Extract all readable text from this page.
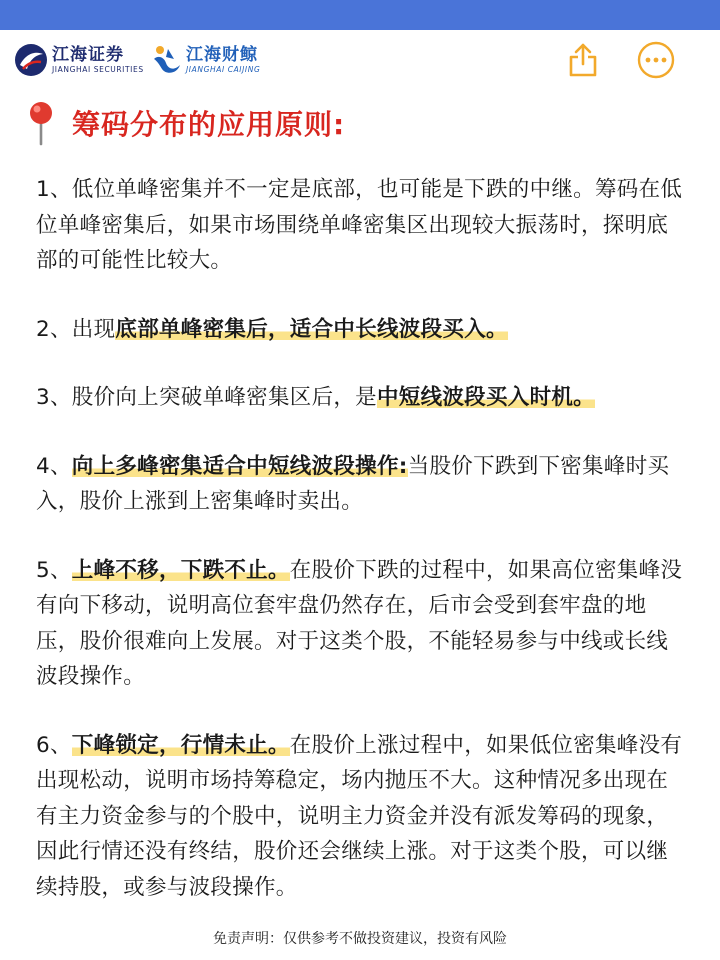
江海证券
JIANGHAI SECURITIES
江海财鲸
JIANGHAI CAIJING
筹码分布的应用原则:

1、低位单峰密集并不一定是底部，也可能是下跌的中继。筹码在低位单峰密集后，如果市场围绕单峰密集区出现较大振荡时，探明底部的可能性比较大。

2、出现底部单峰密集后，适合中长线波段买入。

3、股价向上突破单峰密集区后，是中短线波段买入时机。

4、向上多峰密集适合中短线波段操作:当股价下跌到下密集峰时买入，股价上涨到上密集峰时卖出。

5、上峰不移，下跌不止。在股价下跌的过程中，如果高位密集峰没有向下移动，说明高位套牢盘仍然存在，后市会受到套牢盘的地压，股价很难向上发展。对于这类个股，不能轻易参与中线或长线波段操作。

6、下峰锁定，行情未止。在股价上涨过程中，如果低位密集峰没有出现松动，说明市场持筹稳定，场内抛压不大。这种情况多出现在有主力资金参与的个股中，说明主力资金并没有派发筹码的现象，因此行情还没有终结，股价还会继续上涨。对于这类个股，可以继续持股，或参与波段操作。

免责声明：仅供参考不做投资建议，投资有风险
